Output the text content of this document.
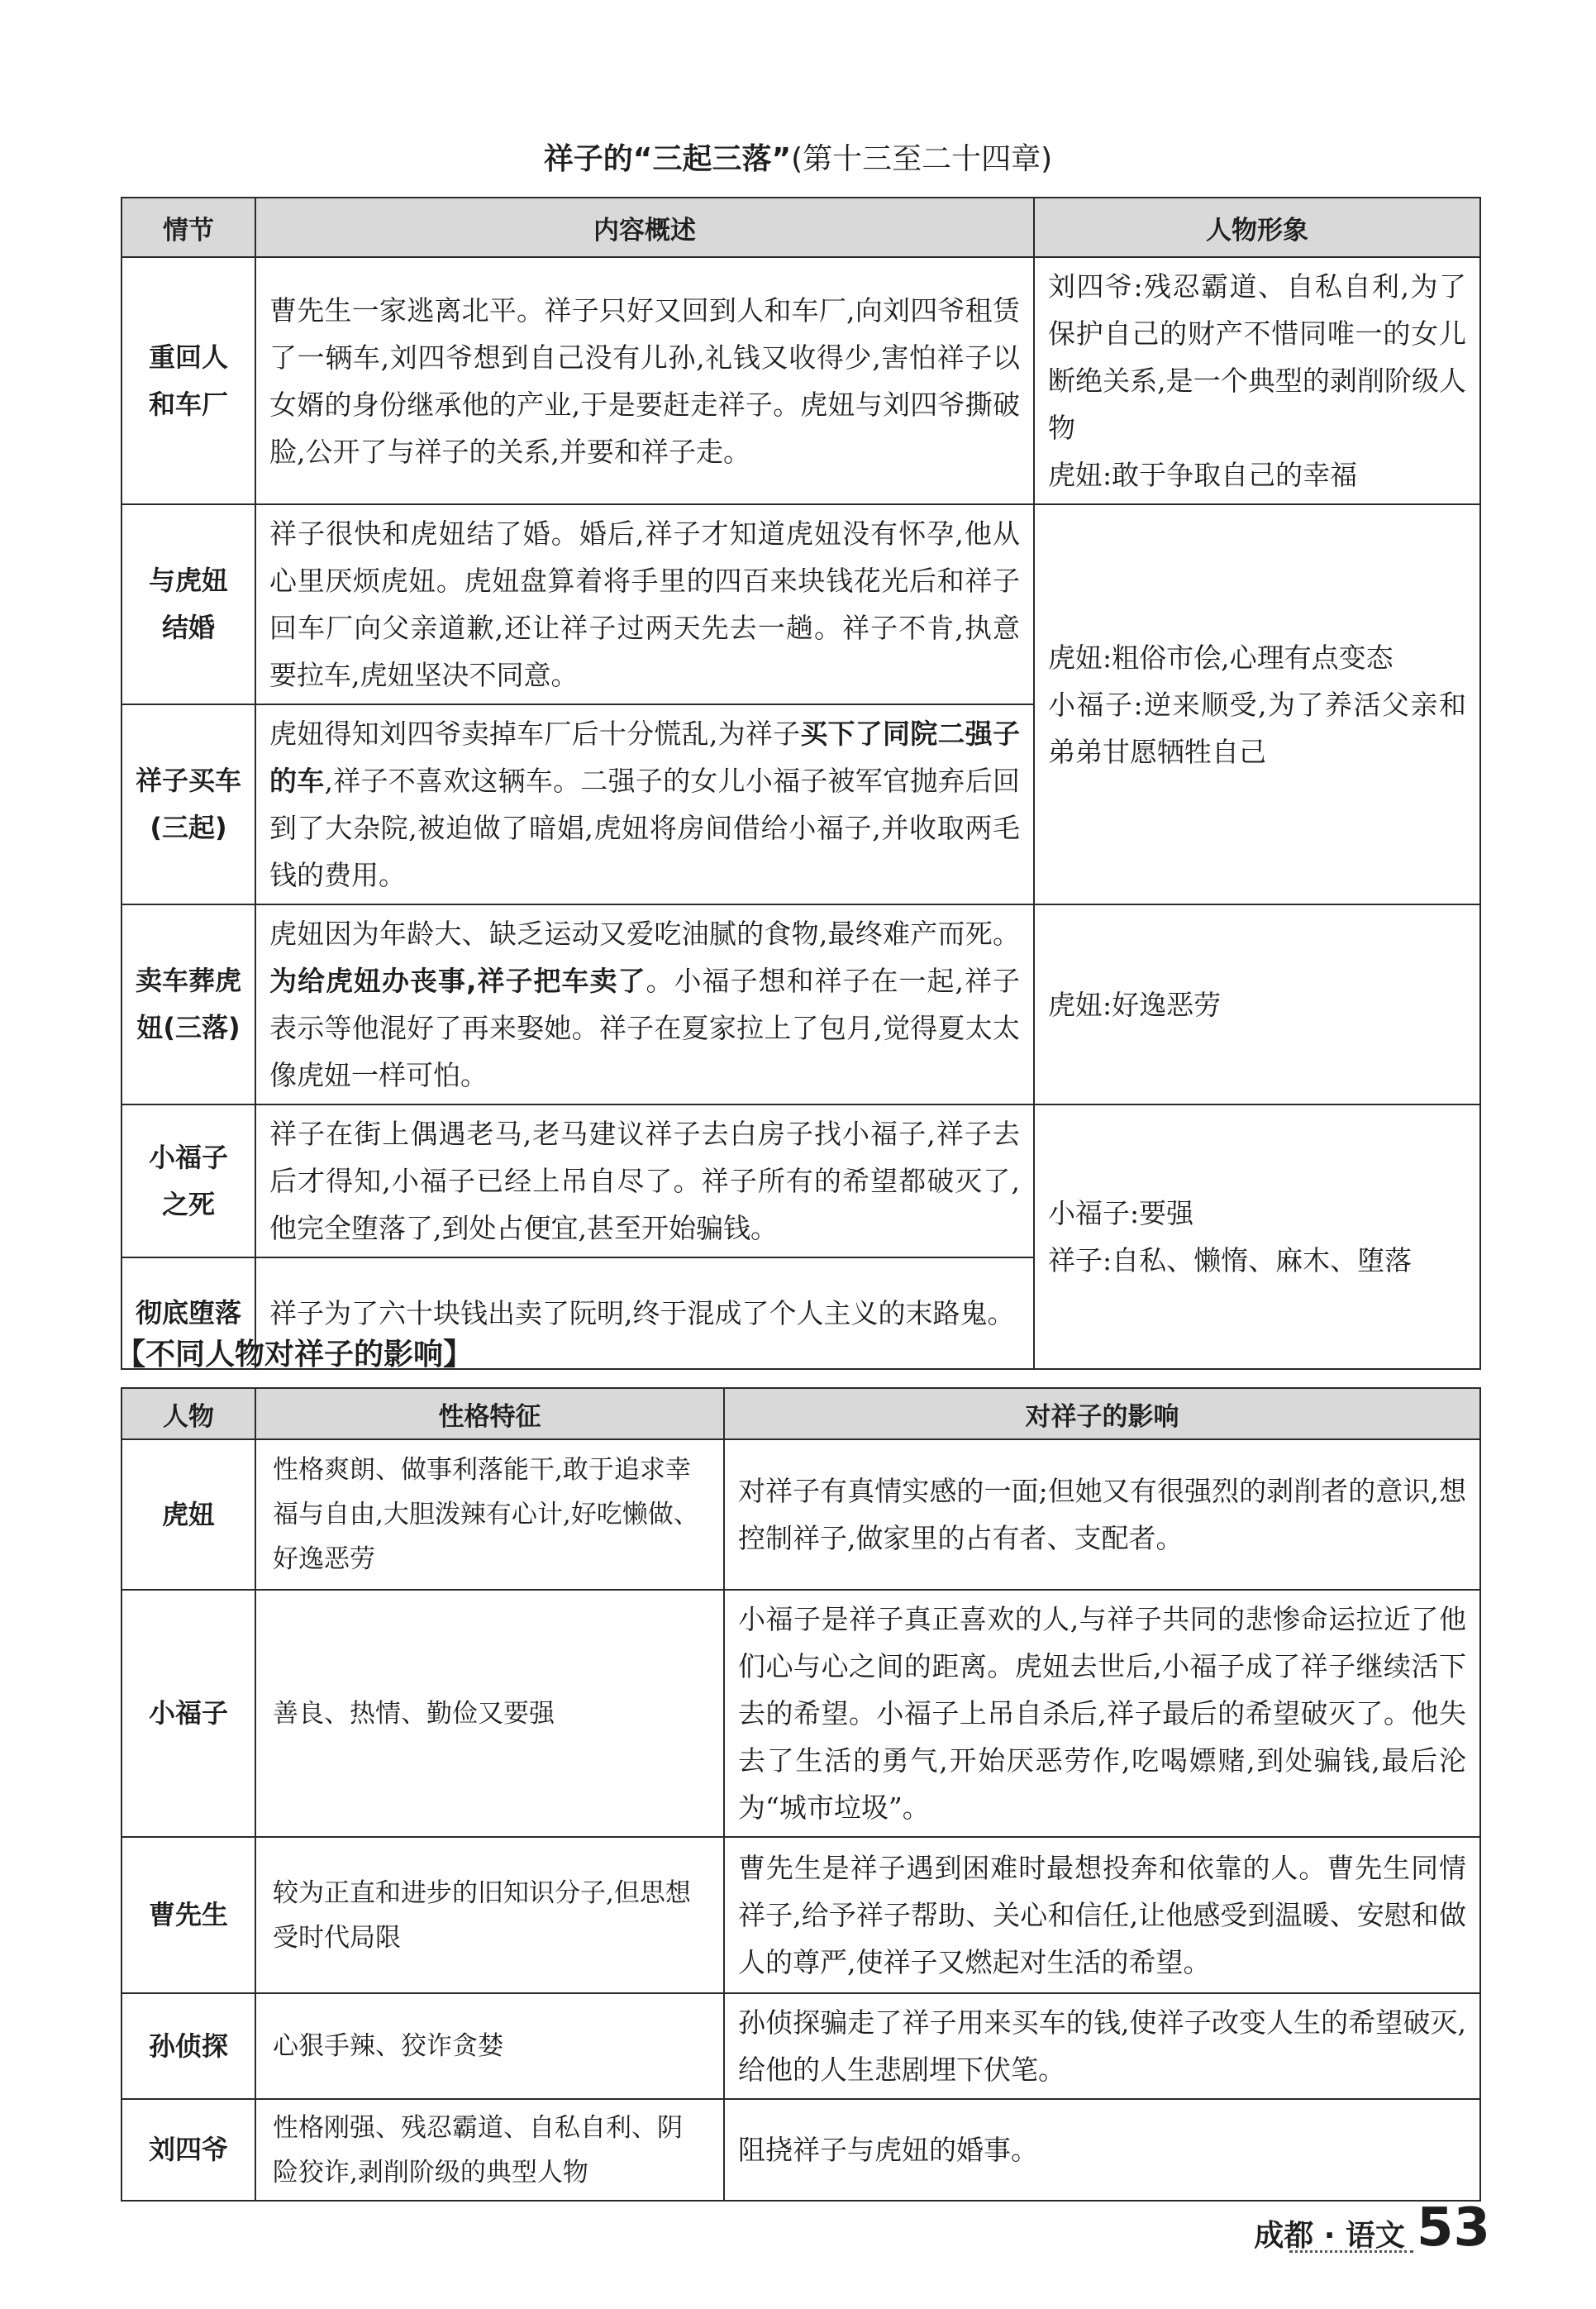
祥子的“三起三落”(第十三至二十四章)
情节	内容概述	人物形象

重回人
和车厂	曹先生一家逃离北平。祥子只好又回到人和车厂,向刘四爷租赁了一辆车,刘四爷想到自己没有儿孙,礼钱又收得少,害怕祥子以女婿的身份继承他的产业,于是要赶走祥子。虎妞与刘四爷撕破脸,公开了与祥子的关系,并要和祥子走。	刘四爷:残忍霸道、自私自利,为了保护自己的财产不惜同唯一的女儿断绝关系,是一个典型的剥削阶级人物
虎妞:敢于争取自己的幸福

与虎妞
结婚	祥子很快和虎妞结了婚。婚后,祥子才知道虎妞没有怀孕,他从心里厌烦虎妞。虎妞盘算着将手里的四百来块钱花光后和祥子回车厂向父亲道歉,还让祥子过两天先去一趟。祥子不肯,执意要拉车,虎妞坚决不同意。	虎妞:粗俗市侩,心理有点变态
小福子:逆来顺受,为了养活父亲和弟弟甘愿牺牲自己

祥子买车
(三起)	虎妞得知刘四爷卖掉车厂后十分慌乱,为祥子买下了同院二强子的车,祥子不喜欢这辆车。二强子的女儿小福子被军官抛弃后回到了大杂院,被迫做了暗娼,虎妞将房间借给小福子,并收取两毛钱的费用。	

卖车葬虎
妞(三落)	虎妞因为年龄大、缺乏运动又爱吃油腻的食物,最终难产而死。为给虎妞办丧事,祥子把车卖了。小福子想和祥子在一起,祥子表示等他混好了再来娶她。祥子在夏家拉上了包月,觉得夏太太像虎妞一样可怕。	虎妞:好逸恶劳

小福子
之死	祥子在街上偶遇老马,老马建议祥子去白房子找小福子,祥子去后才得知,小福子已经上吊自尽了。祥子所有的希望都破灭了,他完全堕落了,到处占便宜,甚至开始骗钱。	小福子:要强
祥子:自私、懒惰、麻木、堕落

彻底堕落	祥子为了六十块钱出卖了阮明,终于混成了个人主义的末路鬼。	
【不同人物对祥子的影响】
人物	性格特征	对祥子的影响
虎妞	性格爽朗、做事利落能干,敢于追求幸福与自由,大胆泼辣有心计,好吃懒做、好逸恶劳	对祥子有真情实感的一面;但她又有很强烈的剥削者的意识,想控制祥子,做家里的占有者、支配者。
小福子	善良、热情、勤俭又要强	小福子是祥子真正喜欢的人,与祥子共同的悲惨命运拉近了他们心与心之间的距离。虎妞去世后,小福子成了祥子继续活下去的希望。小福子上吊自杀后,祥子最后的希望破灭了。他失去了生活的勇气,开始厌恶劳作,吃喝嫖赌,到处骗钱,最后沦为“城市垃圾”。
曹先生	较为正直和进步的旧知识分子,但思想受时代局限	曹先生是祥子遇到困难时最想投奔和依靠的人。曹先生同情祥子,给予祥子帮助、关心和信任,让他感受到温暖、安慰和做人的尊严,使祥子又燃起对生活的希望。
孙侦探	心狠手辣、狡诈贪婪	孙侦探骗走了祥子用来买车的钱,使祥子改变人生的希望破灭,给他的人生悲剧埋下伏笔。
刘四爷	性格刚强、残忍霸道、自私自利、阴险狡诈,剥削阶级的典型人物	阻挠祥子与虎妞的婚事。
成都 · 语文 53
